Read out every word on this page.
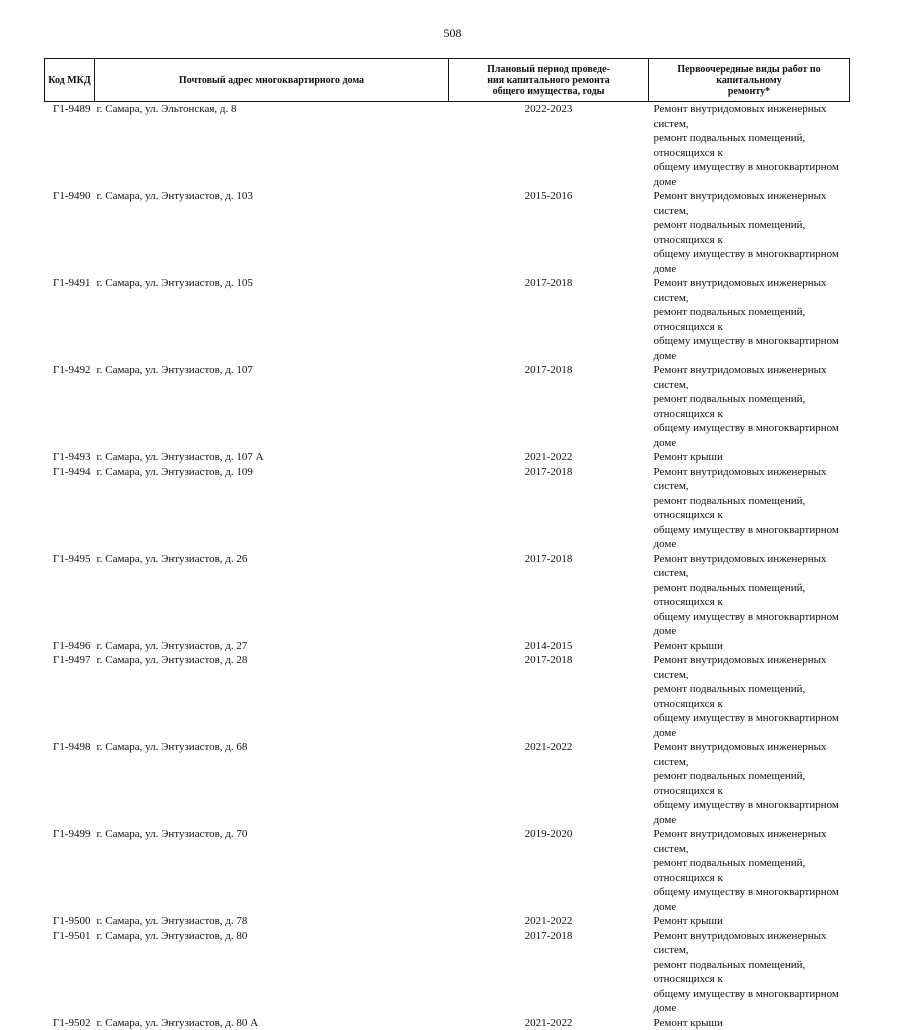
508
Код МКД	Почтовый адрес многоквартирного дома	Плановый период проведе-
ния капитального ремонта
общего имущества, годы	Первоочередные виды работ по капитальному
ремонту*
Г1-9489	г. Самара, ул. Эльтонская, д. 8	2022-2023	Ремонт внутридомовых инженерных систем,
ремонт подвальных помещений, относящихся к
общему имуществу в многоквартирном доме
Г1-9490	г. Самара, ул. Энтузиастов, д. 103	2015-2016	Ремонт внутридомовых инженерных систем,
ремонт подвальных помещений, относящихся к
общему имуществу в многоквартирном доме
Г1-9491	г. Самара, ул. Энтузиастов, д. 105	2017-2018	Ремонт внутридомовых инженерных систем,
ремонт подвальных помещений, относящихся к
общему имуществу в многоквартирном доме
Г1-9492	г. Самара, ул. Энтузиастов, д. 107	2017-2018	Ремонт внутридомовых инженерных систем,
ремонт подвальных помещений, относящихся к
общему имуществу в многоквартирном доме
Г1-9493	г. Самара, ул. Энтузиастов, д. 107 А	2021-2022	Ремонт крыши
Г1-9494	г. Самара, ул. Энтузиастов, д. 109	2017-2018	Ремонт внутридомовых инженерных систем,
ремонт подвальных помещений, относящихся к
общему имуществу в многоквартирном доме
Г1-9495	г. Самара, ул. Энтузиастов, д. 26	2017-2018	Ремонт внутридомовых инженерных систем,
ремонт подвальных помещений, относящихся к
общему имуществу в многоквартирном доме
Г1-9496	г. Самара, ул. Энтузиастов, д. 27	2014-2015	Ремонт крыши
Г1-9497	г. Самара, ул. Энтузиастов, д. 28	2017-2018	Ремонт внутридомовых инженерных систем,
ремонт подвальных помещений, относящихся к
общему имуществу в многоквартирном доме
Г1-9498	г. Самара, ул. Энтузиастов, д. 68	2021-2022	Ремонт внутридомовых инженерных систем,
ремонт подвальных помещений, относящихся к
общему имуществу в многоквартирном доме
Г1-9499	г. Самара, ул. Энтузиастов, д. 70	2019-2020	Ремонт внутридомовых инженерных систем,
ремонт подвальных помещений, относящихся к
общему имуществу в многоквартирном доме
Г1-9500	г. Самара, ул. Энтузиастов, д. 78	2021-2022	Ремонт крыши
Г1-9501	г. Самара, ул. Энтузиастов, д. 80	2017-2018	Ремонт внутридомовых инженерных систем,
ремонт подвальных помещений, относящихся к
общему имуществу в многоквартирном доме
Г1-9502	г. Самара, ул. Энтузиастов, д. 80 А	2021-2022	Ремонт крыши
